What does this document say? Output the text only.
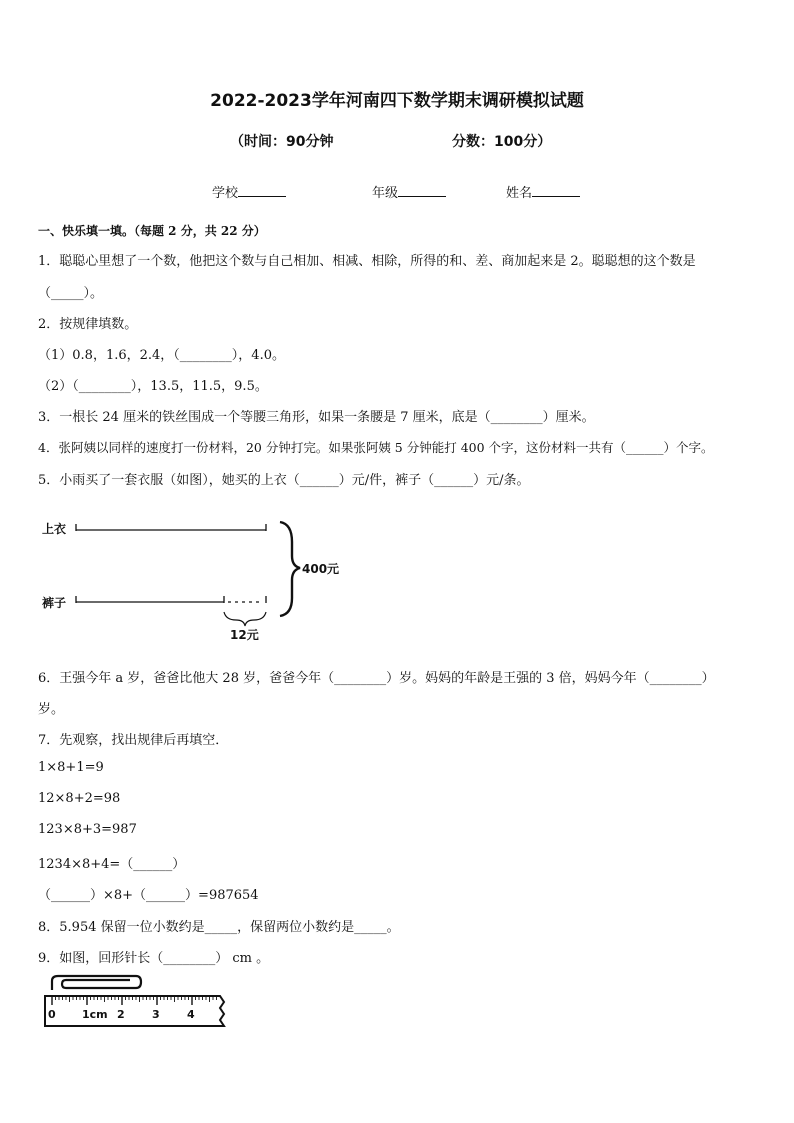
2022-2023学年河南四下数学期末调研模拟试题
（时间：90分钟	分数：100分）
学校	年级	姓名
一、快乐填一填。（每题 2 分，共 22 分）
1．聪聪心里想了一个数，他把这个数与自己相加、相减、相除，所得的和、差、商加起来是 2。聪聪想的这个数是
（_____）。
2．按规律填数。
（1）0.8，1.6，2.4，（________），4.0。
（2）（________），13.5，11.5，9.5。
3．一根长 24 厘米的铁丝围成一个等腰三角形，如果一条腰是 7 厘米，底是（________）厘米。
4．张阿姨以同样的速度打一份材料，20 分钟打完。如果张阿姨 5 分钟能打 400 个字，这份材料一共有（______）个字。
5．小雨买了一套衣服（如图），她买的上衣（______）元/件，裤子（______）元/条。
上衣
裤子
400元
12元
6．王强今年 a 岁，爸爸比他大 28 岁，爸爸今年（________）岁。妈妈的年龄是王强的 3 倍，妈妈今年（________）
岁。
7．先观察，找出规律后再填空．
1×8+1=9
12×8+2=98
123×8+3=987
1234×8+4=（______）
（______）×8+（______）=987654
8．5.954 保留一位小数约是_____，保留两位小数约是_____。
9．如图，回形针长（________） cm 。
0 1cm 2 3 4
